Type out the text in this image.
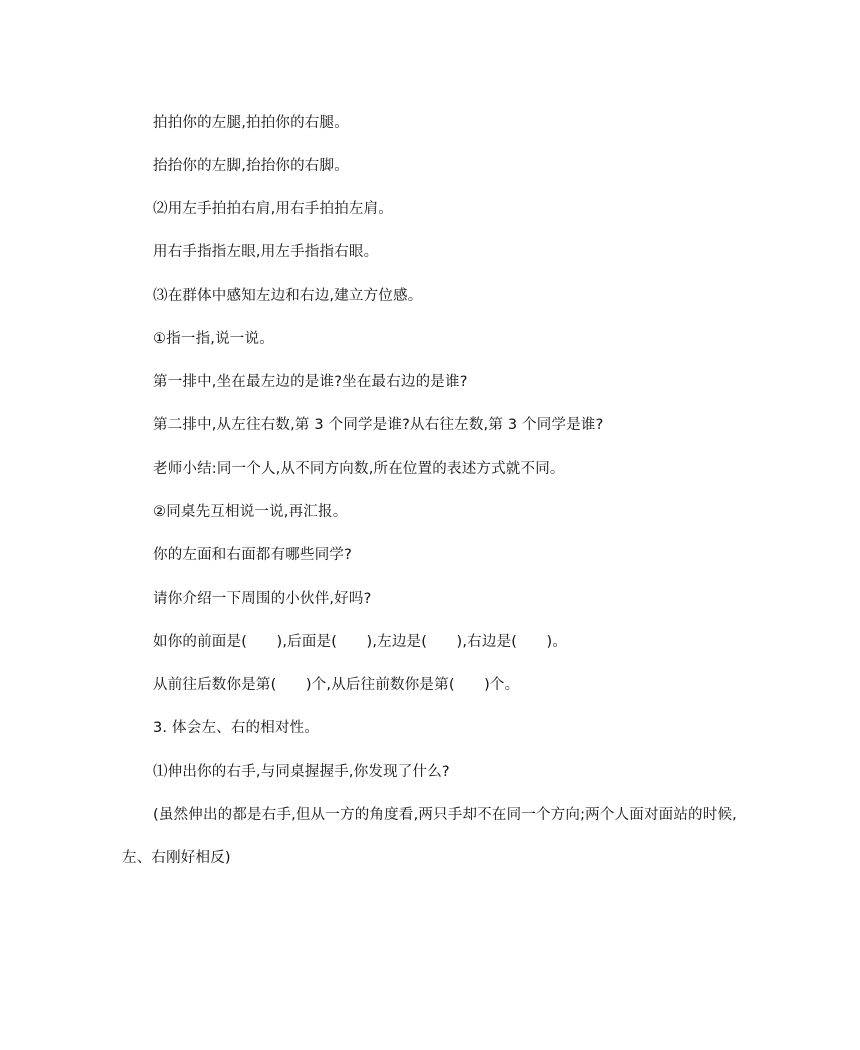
拍拍你的左腿,拍拍你的右腿。
抬抬你的左脚,抬抬你的右脚。
⑵用左手拍拍右肩,用右手拍拍左肩。
用右手指指左眼,用左手指指右眼。
⑶在群体中感知左边和右边,建立方位感。
①指一指,说一说。
第一排中,坐在最左边的是谁?坐在最右边的是谁?
第二排中,从左往右数,第 3 个同学是谁?从右往左数,第 3 个同学是谁?
老师小结:同一个人,从不同方向数,所在位置的表述方式就不同。
②同桌先互相说一说,再汇报。
你的左面和右面都有哪些同学?
请你介绍一下周围的小伙伴,好吗?
如你的前面是(　　),后面是(　　),左边是(　　),右边是(　　)。
从前往后数你是第(　　)个,从后往前数你是第(　　)个。
3. 体会左、右的相对性。
⑴伸出你的右手,与同桌握握手,你发现了什么?
(虽然伸出的都是右手,但从一方的角度看,两只手却不在同一个方向;两个人面对面站的时候,
左、右刚好相反)
